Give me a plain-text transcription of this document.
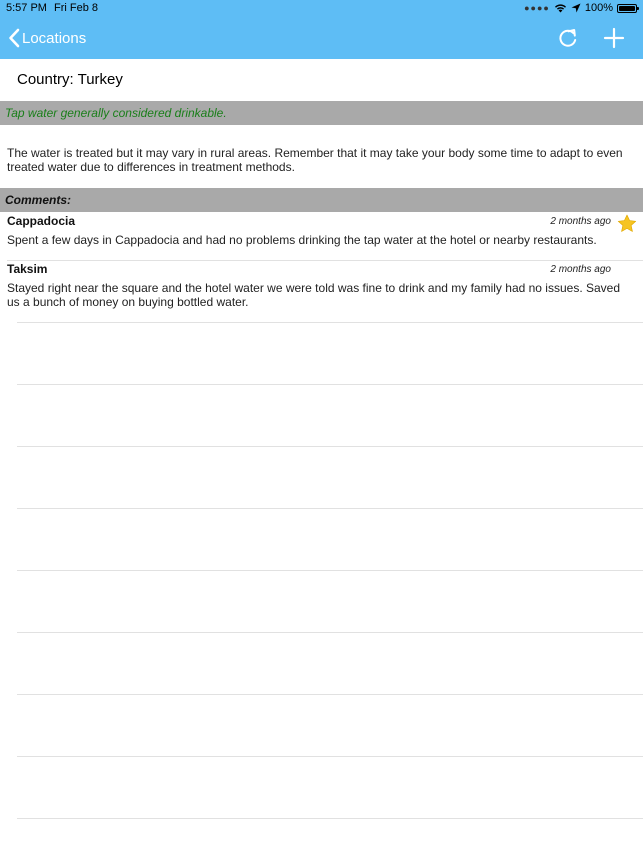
5:57 PM Fri Feb 8	●●●●	100%
Locations
Country: Turkey
Tap water generally considered drinkable.
The water is treated but it may vary in rural areas. Remember that it may take your body some time to adapt to even treated water due to differences in treatment methods.
Comments:
Cappadocia	2 months ago
Spent a few days in Cappadocia and had no problems drinking the tap water at the hotel or nearby restaurants.
Taksim	2 months ago
Stayed right near the square and the hotel water we were told was fine to drink and my family had no issues. Saved us a bunch of money on buying bottled water.
